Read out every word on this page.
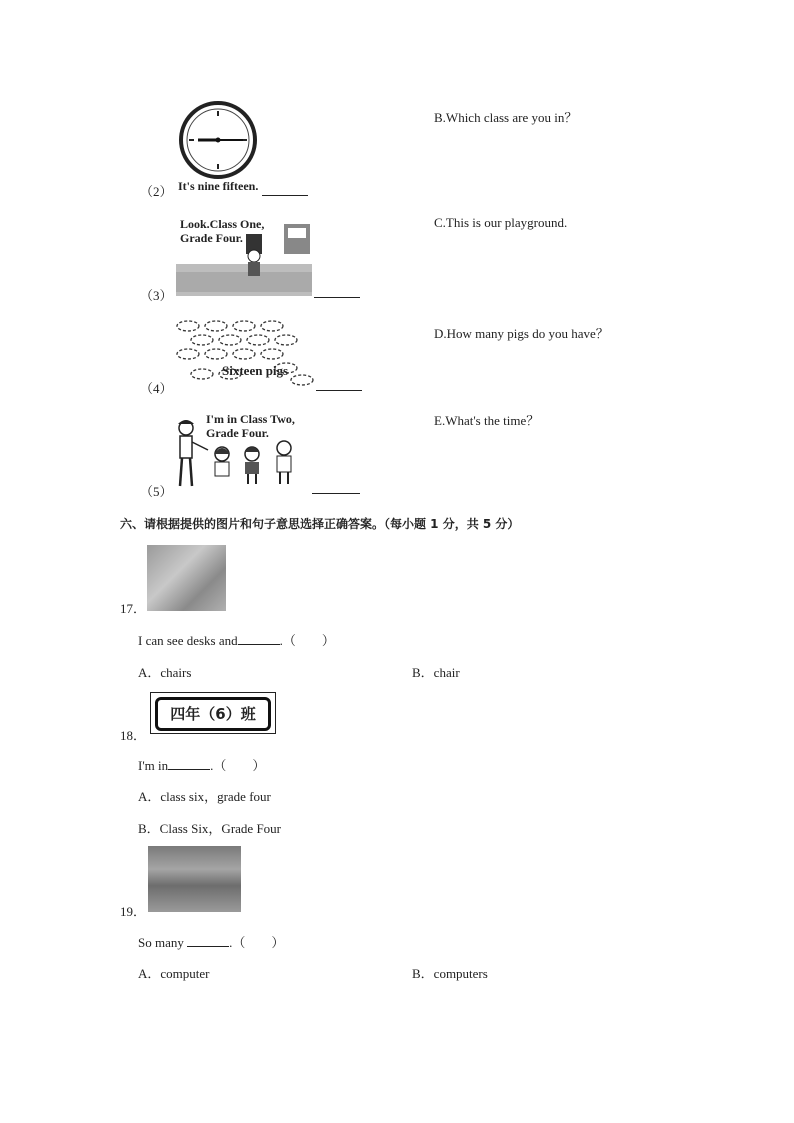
It's nine fifteen.
（2）
Look.Class One,
Grade Four.
（3）
Sixteen pigs
（4）
I'm in Class Two,
Grade Four.
（5）
B.Which class are you in？
C.This is our playground.
D.How many pigs do you have？
E.What's the time？
六、请根据提供的图片和句子意思选择正确答案。（每小题 1 分，共 5 分）
17．
I can see desks and	.（　　）
A．chairs	B．chair
四年（6）班
18．
I'm in	.（　　）
A．class six，grade four
B．Class Six，Grade Four
19．
So many	.（　　）
A．computer	B．computers
